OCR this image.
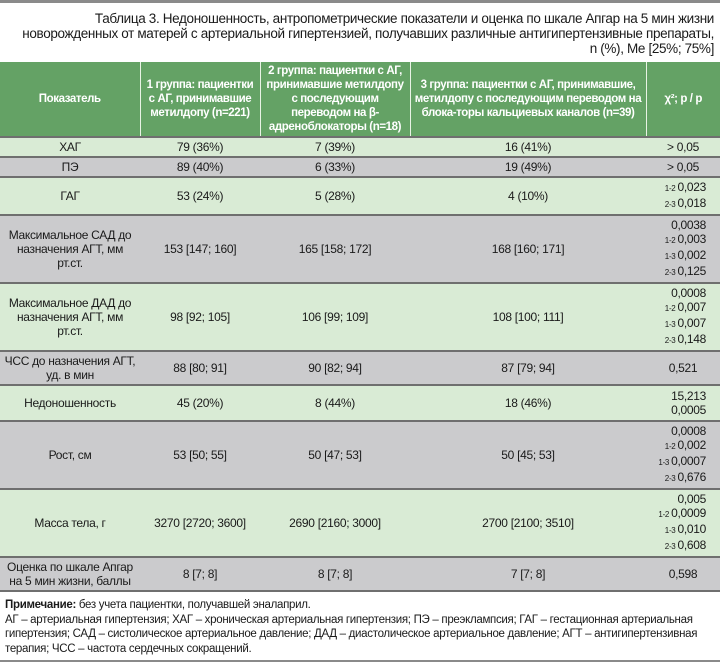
Таблица 3. Недоношенность, антропометрические показатели и оценка по шкале Апгар на 5 мин жизни новорожденных от матерей с артериальной гипертензией, получавших различные антигипертензивные препараты, n (%), Me [25%; 75%]
Показатель	1 группа: пациентки с АГ, принимавшие метилдопу (n=221)	2 группа: пациентки с АГ, принимавшие метилдопу с последующим переводом на β-адреноблокаторы (n=18)	3 группа: пациентки с АГ, принимавшие, метилдопу с последующим переводом на блока-торы кальциевых каналов (n=39)	χ²; p / p
ХАГ	79 (36%)	7 (39%)	16 (41%)	> 0,05

ПЭ	89 (40%)	6 (33%)	19 (49%)	> 0,05

ГАГ	53 (24%)	5 (28%)	4 (10%)	1-2 0,023
2-3 0,018

Максимальное САД до назначения АГТ, мм рт.ст.	153 [147; 160]	165 [158; 172]	168 [160; 171]	0,0038
1-2 0,003
1-3 0,002
2-3 0,125

Максимальное ДАД до назначения АГТ, мм рт.ст.	98 [92; 105]	106 [99; 109]	108 [100; 111]	0,0008
1-2 0,007
1-3 0,007
2-3 0,148

ЧСС до назначения АГТ, уд. в мин	88 [80; 91]	90 [82; 94]	87 [79; 94]	0,521

Недоношенность	45 (20%)	8 (44%)	18 (46%)	15,213
0,0005

Рост, см	53 [50; 55]	50 [47; 53]	50 [45; 53]	0,0008
1-2 0,002
1-3 0,0007
2-3 0,676

Масса тела, г	3270 [2720; 3600]	2690 [2160; 3000]	2700 [2100; 3510]	0,005
1-2 0,0009
1-3 0,010
2-3 0,608

Оценка по шкале Апгар на 5 мин жизни, баллы	8 [7; 8]	8 [7; 8]	7 [7; 8]	0,598
Примечание: без учета пациентки, получавшей эналаприл.
АГ – артериальная гипертензия; ХАГ – хроническая артериальная гипертензия; ПЭ – преэклампсия; ГАГ – гестационная артериальная гипертензия; САД – систолическое артериальное давление; ДАД – диастолическое артериальное давление; АГТ – антигипертензивная терапия; ЧСС – частота сердечных сокращений.
